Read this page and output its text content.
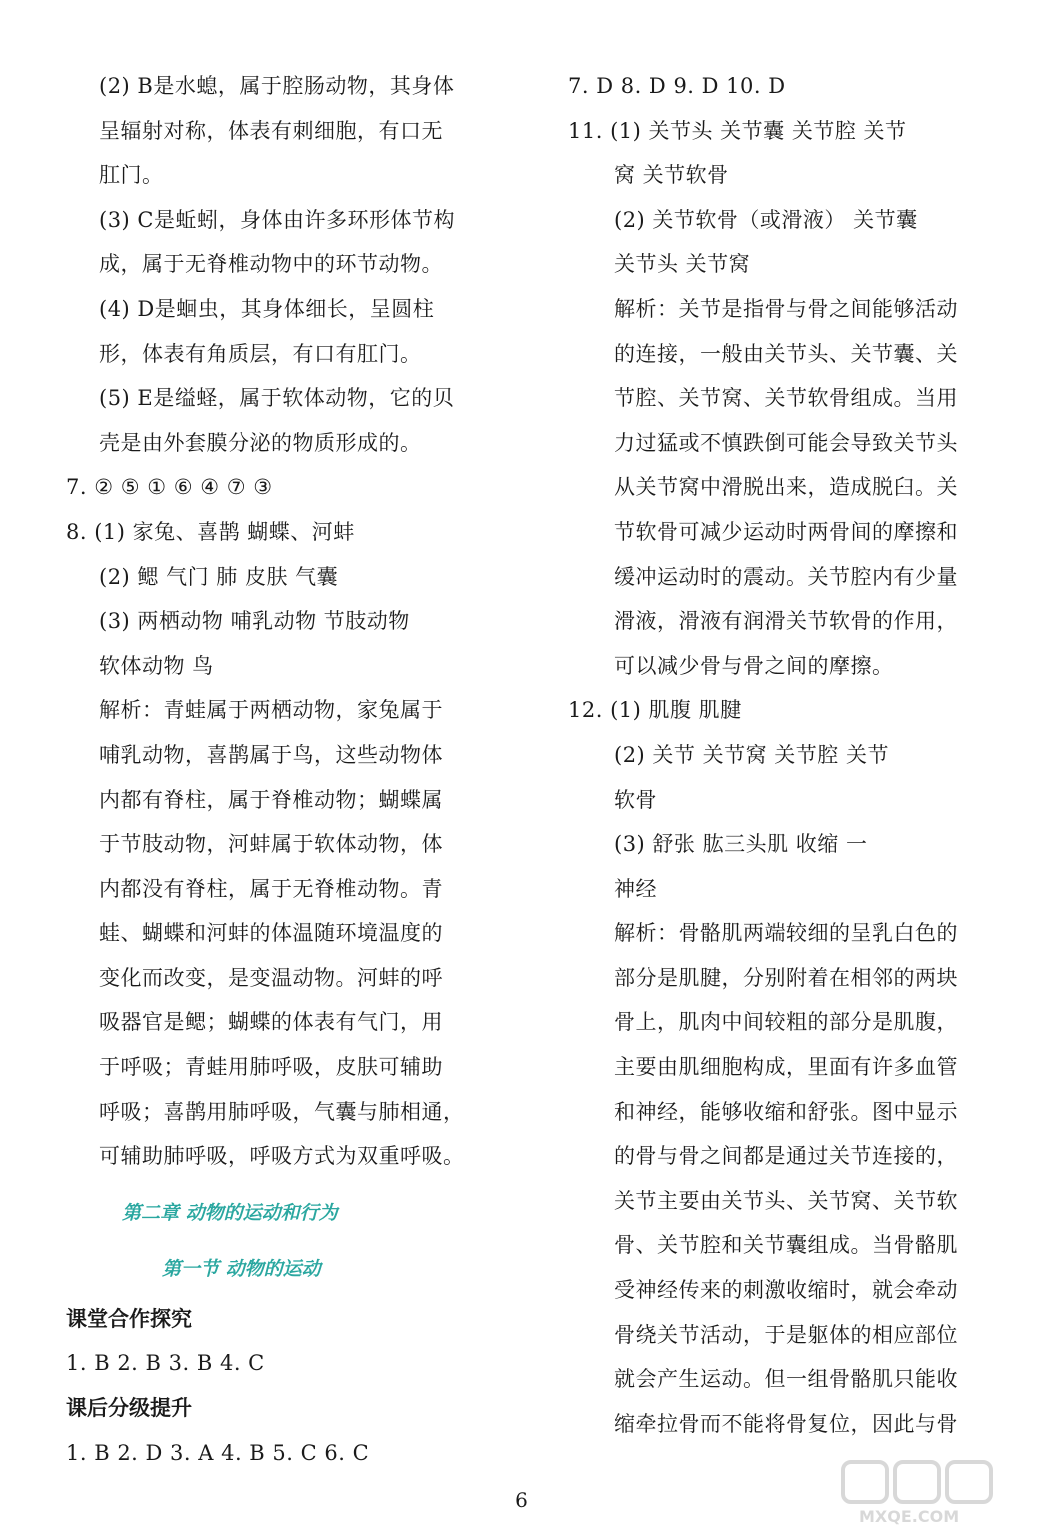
(2) B是水螅，属于腔肠动物，其身体
呈辐射对称，体表有刺细胞，有口无
肛门。
(3) C是蚯蚓，身体由许多环形体节构
成，属于无脊椎动物中的环节动物。
(4) D是蛔虫，其身体细长，呈圆柱
形，体表有角质层，有口有肛门。
(5) E是缢蛏，属于软体动物，它的贝
壳是由外套膜分泌的物质形成的。
7. ② ⑤ ① ⑥ ④ ⑦ ③
8. (1) 家兔、喜鹊 蝴蝶、河蚌
(2) 鳃 气门 肺 皮肤 气囊
(3) 两栖动物 哺乳动物 节肢动物
软体动物 鸟
解析：青蛙属于两栖动物，家兔属于
哺乳动物，喜鹊属于鸟，这些动物体
内都有脊柱，属于脊椎动物；蝴蝶属
于节肢动物，河蚌属于软体动物，体
内都没有脊柱，属于无脊椎动物。青
蛙、蝴蝶和河蚌的体温随环境温度的
变化而改变，是变温动物。河蚌的呼
吸器官是鳃；蝴蝶的体表有气门，用
于呼吸；青蛙用肺呼吸，皮肤可辅助
呼吸；喜鹊用肺呼吸，气囊与肺相通，
可辅助肺呼吸，呼吸方式为双重呼吸。
第二章 动物的运动和行为
第一节 动物的运动
课堂合作探究
1. B 2. B 3. B 4. C
课后分级提升
1. B 2. D 3. A 4. B 5. C 6. C
7. D 8. D 9. D 10. D
11. (1) 关节头 关节囊 关节腔 关节
窝 关节软骨
(2) 关节软骨（或滑液） 关节囊
关节头 关节窝
解析：关节是指骨与骨之间能够活动
的连接，一般由关节头、关节囊、关
节腔、关节窝、关节软骨组成。当用
力过猛或不慎跌倒可能会导致关节头
从关节窝中滑脱出来，造成脱臼。关
节软骨可减少运动时两骨间的摩擦和
缓冲运动时的震动。关节腔内有少量
滑液，滑液有润滑关节软骨的作用，
可以减少骨与骨之间的摩擦。
12. (1) 肌腹 肌腱
(2) 关节 关节窝 关节腔 关节
软骨
(3) 舒张 肱三头肌 收缩 一
神经
解析：骨骼肌两端较细的呈乳白色的
部分是肌腱，分别附着在相邻的两块
骨上，肌肉中间较粗的部分是肌腹，
主要由肌细胞构成，里面有许多血管
和神经，能够收缩和舒张。图中显示
的骨与骨之间都是通过关节连接的，
关节主要由关节头、关节窝、关节软
骨、关节腔和关节囊组成。当骨骼肌
受神经传来的刺激收缩时，就会牵动
骨绕关节活动，于是躯体的相应部位
就会产生运动。但一组骨骼肌只能收
缩牵拉骨而不能将骨复位，因此与骨
6
MXQE.COM
